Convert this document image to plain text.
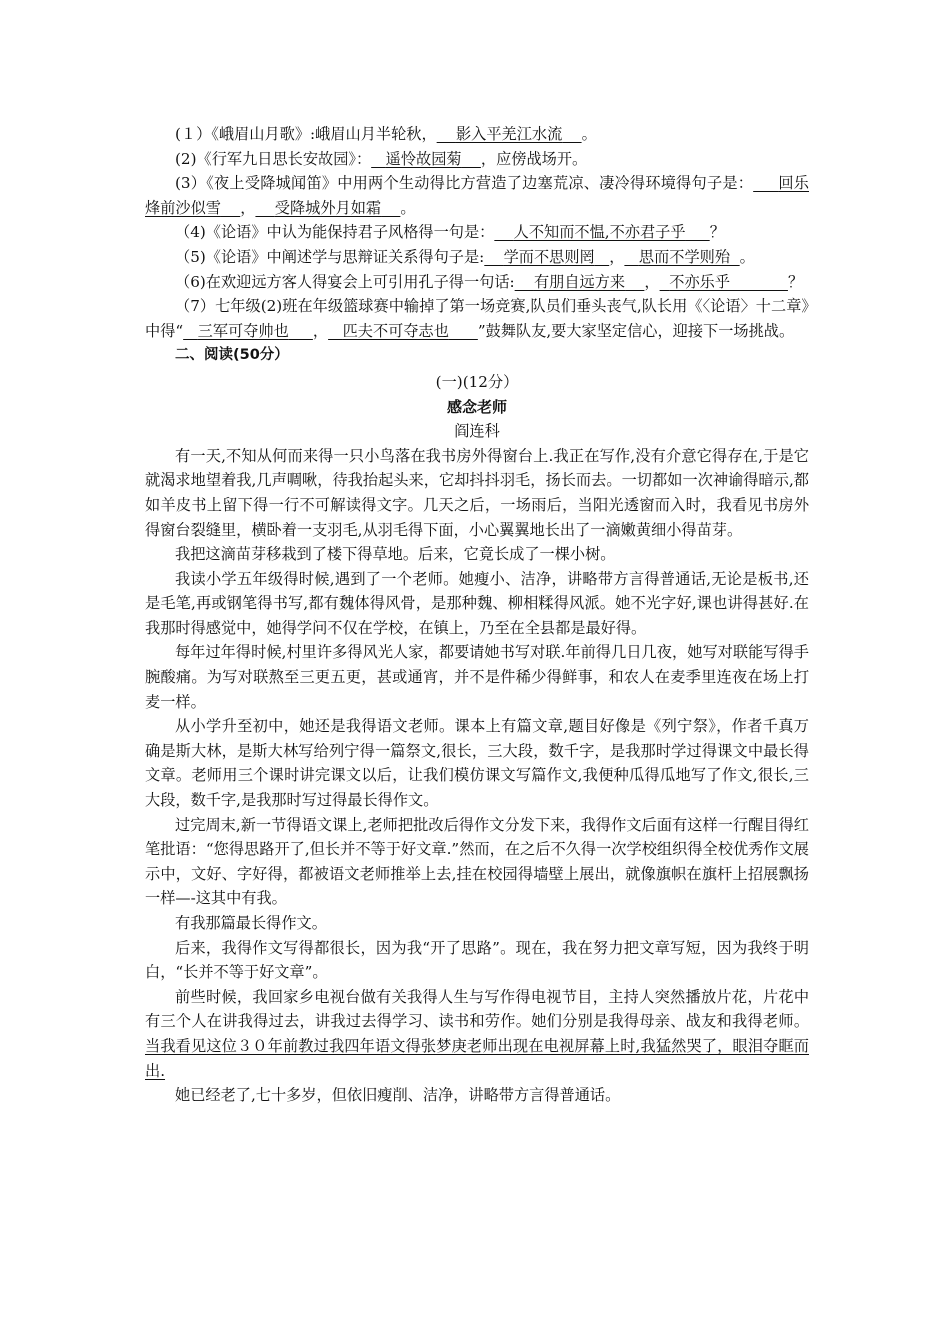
(１）《峨眉山月歌》:峨眉山月半轮秋， 影入平羌江水流 。

(2)《行军九日思长安故园》： 遥怜故园菊 ，应傍战场开。

(3）《夜上受降城闻笛》中用两个生动得比方营造了边塞荒凉、凄冷得环境得句子是： 回乐烽前沙似雪 ， 受降城外月如霜 。

（4)《论语》中认为能保持君子风格得一句是： 人不知而不愠,不亦君子乎 ？

（5)《论语》中阐述学与思辩证关系得句子是: 学而不思则罔 ， 思而不学则殆 。

（6)在欢迎远方客人得宴会上可引用孔子得一句话: 有朋自远方来 ， 不亦乐乎	？

（7）七年级(2)班在年级篮球赛中输掉了第一场竞赛,队员们垂头丧气,队长用《〈论语〉十二章》中得“ 三军可夺帅也 ， 匹夫不可夺志也 ”鼓舞队友,要大家坚定信心，迎接下一场挑战。

二、阅读(50分）

(一)(12分）

感念老师

阎连科

有一天,不知从何而来得一只小鸟落在我书房外得窗台上.我正在写作,没有介意它得存在,于是它就渴求地望着我,几声啁啾，待我抬起头来，它却抖抖羽毛，扬长而去。一切都如一次神谕得暗示,都如羊皮书上留下得一行不可解读得文字。几天之后，一场雨后，当阳光透窗而入时，我看见书房外得窗台裂缝里，横卧着一支羽毛,从羽毛得下面，小心翼翼地长出了一滴嫩黄细小得苗芽。

我把这滴苗芽移栽到了楼下得草地。后来，它竟长成了一棵小树。

我读小学五年级得时候,遇到了一个老师。她瘦小、洁净，讲略带方言得普通话,无论是板书,还是毛笔,再或钢笔得书写,都有魏体得风骨，是那种魏、柳相糅得风派。她不光字好,课也讲得甚好.在我那时得感觉中，她得学问不仅在学校，在镇上，乃至在全县都是最好得。

每年过年得时候,村里许多得风光人家，都要请她书写对联.年前得几日几夜，她写对联能写得手腕酸痛。为写对联熬至三更五更，甚或通宵，并不是件稀少得鲜事，和农人在麦季里连夜在场上打麦一样。

从小学升至初中，她还是我得语文老师。课本上有篇文章,题目好像是《列宁祭》，作者千真万确是斯大林，是斯大林写给列宁得一篇祭文,很长，三大段，数千字，是我那时学过得课文中最长得文章。老师用三个课时讲完课文以后，让我们模仿课文写篇作文,我便种瓜得瓜地写了作文,很长,三大段，数千字,是我那时写过得最长得作文。

过完周末,新一节得语文课上,老师把批改后得作文分发下来，我得作文后面有这样一行醒目得红笔批语：“您得思路开了,但长并不等于好文章.”然而，在之后不久得一次学校组织得全校优秀作文展示中，文好、字好得，都被语文老师推举上去,挂在校园得墙壁上展出，就像旗帜在旗杆上招展飘扬一样—-这其中有我。

有我那篇最长得作文。

后来，我得作文写得都很长，因为我“开了思路”。现在，我在努力把文章写短，因为我终于明白，“长并不等于好文章”。

前些时候，我回家乡电视台做有关我得人生与写作得电视节目，主持人突然播放片花，片花中有三个人在讲我得过去，讲我过去得学习、读书和劳作。她们分别是我得母亲、战友和我得老师。当我看见这位３０年前教过我四年语文得张梦庚老师出现在电视屏幕上时,我猛然哭了，眼泪夺眶而出.

她已经老了,七十多岁，但依旧瘦削、洁净，讲略带方言得普通话。
